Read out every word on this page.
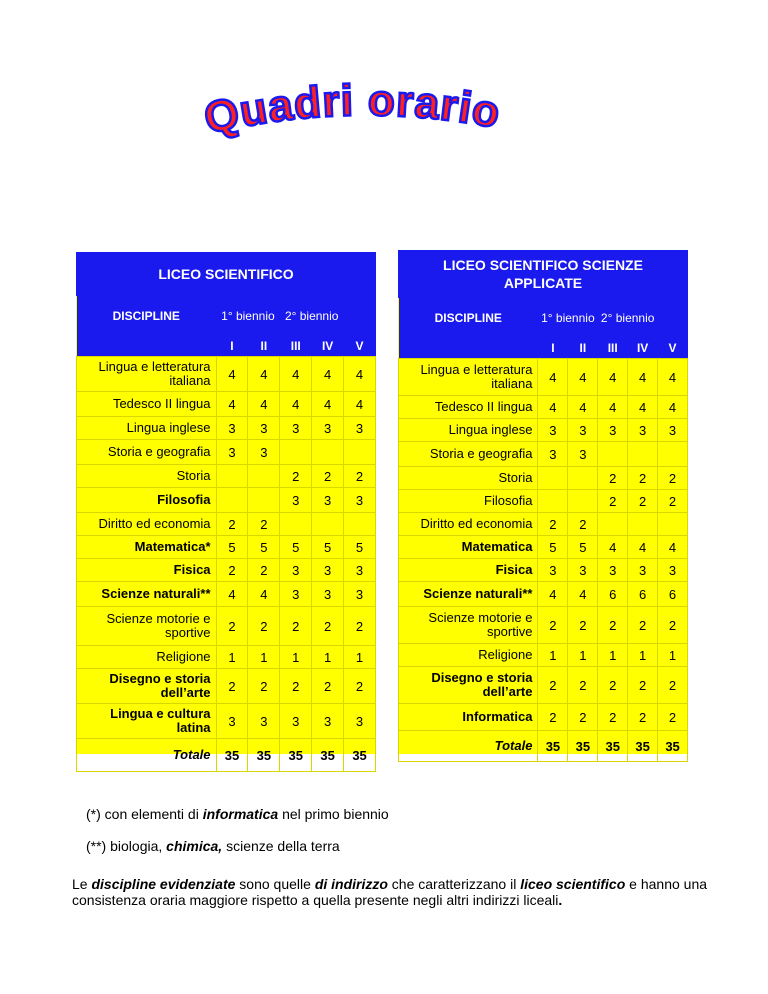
Quadri orario
LICEO SCIENTIFICO
DISCIPLINE	1° biennio		2° biennio		
	I	II	III	IV	V
Lingua e letteratura italiana	4	4	4	4	4
Tedesco II lingua	4	4	4	4	4
Lingua inglese	3	3	3	3	3
Storia e geografia	3	3			
Storia			2	2	2
Filosofia			3	3	3
Diritto ed economia	2	2			
Matematica*	5	5	5	5	5
Fisica	2	2	3	3	3
Scienze naturali**	4	4	3	3	3
Scienze motorie e sportive	2	2	2	2	2
Religione	1	1	1	1	1
Disegno e storia dell’arte	2	2	2	2	2
Lingua e cultura latina	3	3	3	3	3
Totale	35	35	35	35	35
LICEO SCIENTIFICO SCIENZE APPLICATE
DISCIPLINE	1° biennio		2° biennio		
	I	II	III	IV	V
Lingua e letteratura italiana	4	4	4	4	4
Tedesco II lingua	4	4	4	4	4
Lingua inglese	3	3	3	3	3
Storia e geografia	3	3			
Storia			2	2	2
Filosofia			2	2	2
Diritto ed economia	2	2			
Matematica	5	5	4	4	4
Fisica	3	3	3	3	3
Scienze naturali**	4	4	6	6	6
Scienze motorie e sportive	2	2	2	2	2
Religione	1	1	1	1	1
Disegno e storia dell’arte	2	2	2	2	2
Informatica	2	2	2	2	2
Totale	35	35	35	35	35
(*) con elementi di informatica nel primo biennio
(**) biologia, chimica, scienze della terra
Le discipline evidenziate sono quelle di indirizzo che caratterizzano il liceo scientifico e hanno una consistenza oraria maggiore rispetto a quella presente negli altri indirizzi liceali.
